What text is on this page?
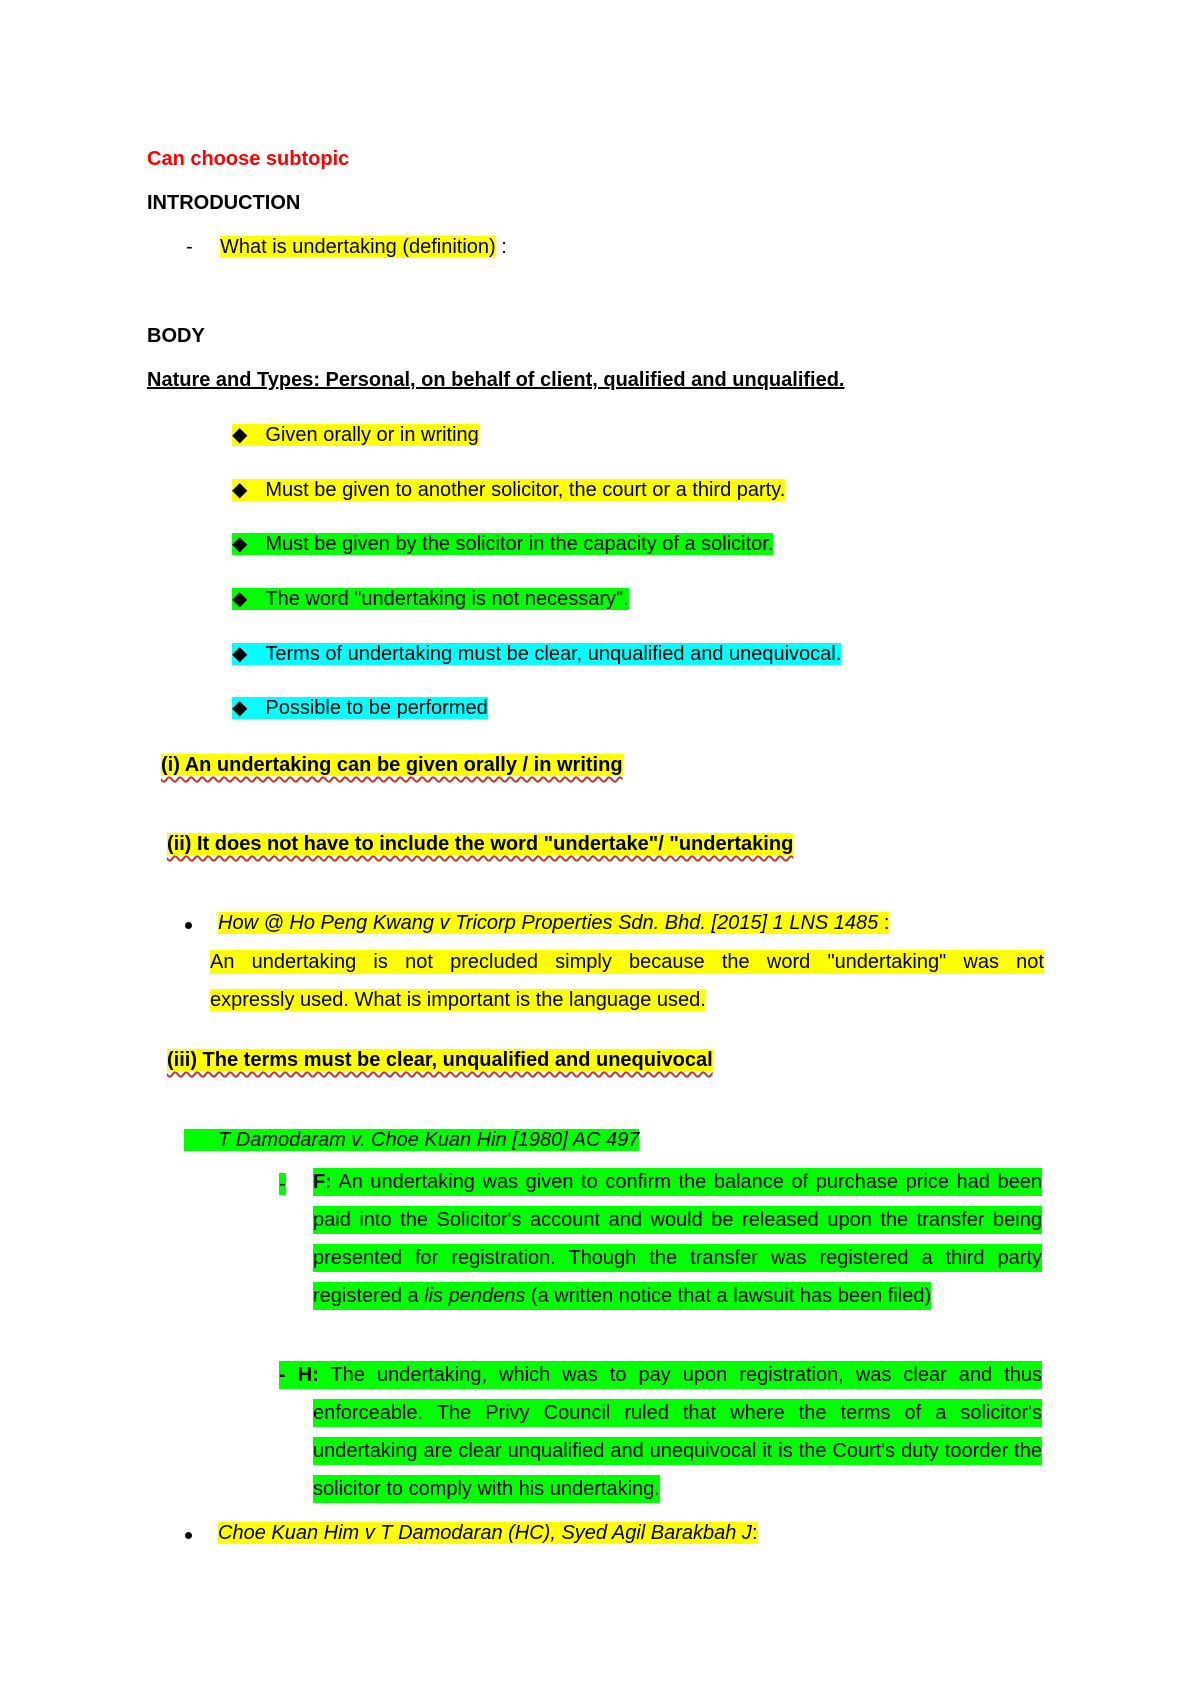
Can choose subtopic
INTRODUCTION
- What is undertaking (definition) :
BODY
Nature and Types: Personal, on behalf of client, qualified and unqualified.
◆ Given orally or in writing
◆ Must be given to another solicitor, the court or a third party.
◆ Must be given by the solicitor in the capacity of a solicitor.
◆ The word "undertaking is not necessary".
◆ Terms of undertaking must be clear, unqualified and unequivocal.
◆ Possible to be performed
(i) An undertaking can be given orally / in writing
(ii) It does not have to include the word "undertake"/ "undertaking
How @ Ho Peng Kwang v Tricorp Properties Sdn. Bhd. [2015] 1 LNS 1485 :
An undertaking is not precluded simply because the word "undertaking" was not
expressly used. What is important is the language used.
(iii) The terms must be clear, unqualified and unequivocal
T Damodaram v. Choe Kuan Hin [1980] AC 497
- F: An undertaking was given to confirm the balance of purchase price had been paid into the Solicitor's account and would be released upon the transfer being presented for registration. Though the transfer was registered a third party registered a lis pendens (a written notice that a lawsuit has been filed)

- H: The undertaking, which was to pay upon registration, was clear and thus enforceable. The Privy Council ruled that where the terms of a solicitor's undertaking are clear unqualified and unequivocal it is the Court's duty toorder the solicitor to comply with his undertaking.

Choe Kuan Him v T Damodaran (HC), Syed Agil Barakbah J:
